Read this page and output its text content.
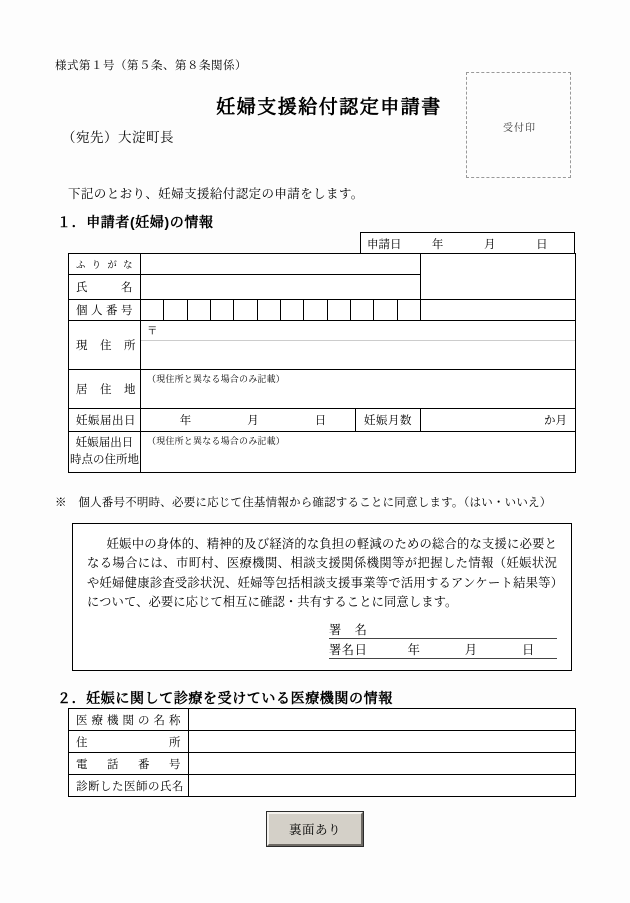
様式第１号（第５条、第８条関係）
妊婦支援給付認定申請書
（宛先）大淀町長
受付印
下記のとおり、妊婦支援給付認定の申請をします。
１．申請者(妊婦)の情報
申請日	年	月	日
ふりがな			
氏　　名			
個人番号		

現　住　所	〒		

居　住　地	（現住所と異なる場合のみ記載）		

妊娠届出日	年 月 日	妊娠月数	か月
妊娠届出日
時点の住所地	（現住所と異なる場合のみ記載）		
※　個人番号不明時、必要に応じて住基情報から確認することに同意します。（はい・いいえ）

妊娠中の身体的、精神的及び経済的な負担の軽減のための総合的な支援に必要となる場合には、市町村、医療機関、相談支援関係機関等が把握した情報（妊娠状況や妊婦健康診査受診状況、妊婦等包括相談支援事業等で活用するアンケート結果等）について、必要に応じて相互に確認・共有することに同意します。

署　名
署名日	年	月	日
２．妊娠に関して診療を受けている医療機関の情報
医療機関の名称	
住所	
電話番号	
診断した医師の氏名	
裏面あり
